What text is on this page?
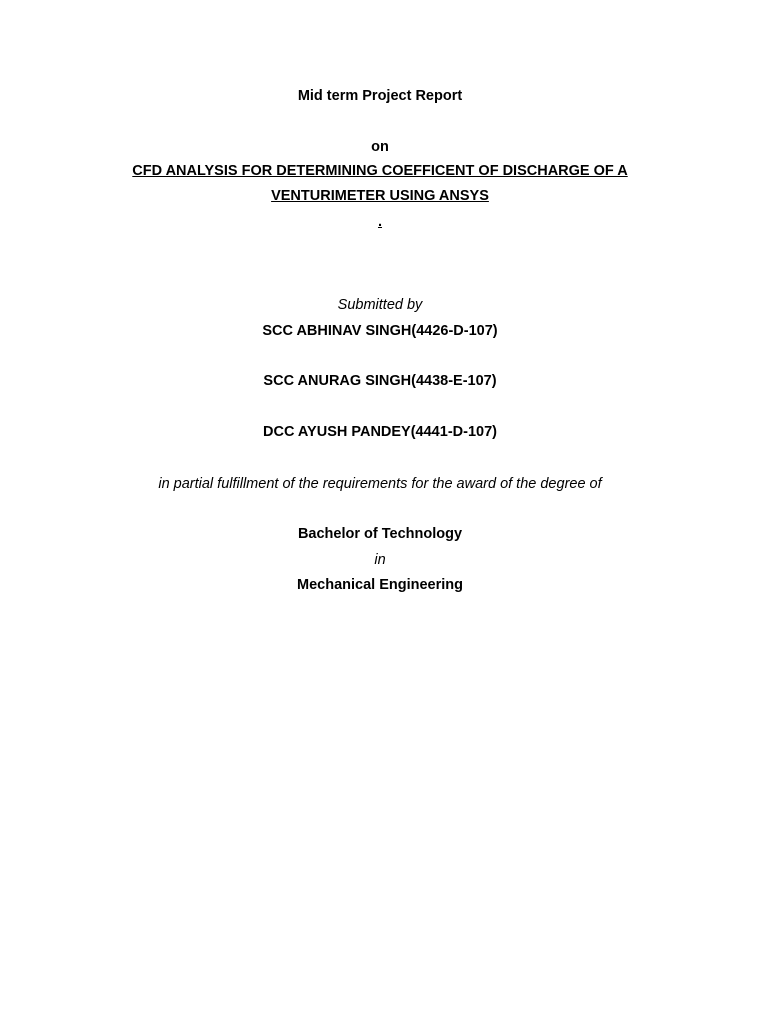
Mid term Project Report
on
CFD ANALYSIS FOR DETERMINING COEFFICENT OF DISCHARGE OF A
VENTURIMETER USING ANSYS
.
Submitted by
SCC ABHINAV SINGH(4426-D-107)
SCC ANURAG SINGH(4438-E-107)
DCC AYUSH PANDEY(4441-D-107)
in partial fulfillment of the requirements for the award of the degree of
Bachelor of Technology
in
Mechanical Engineering
